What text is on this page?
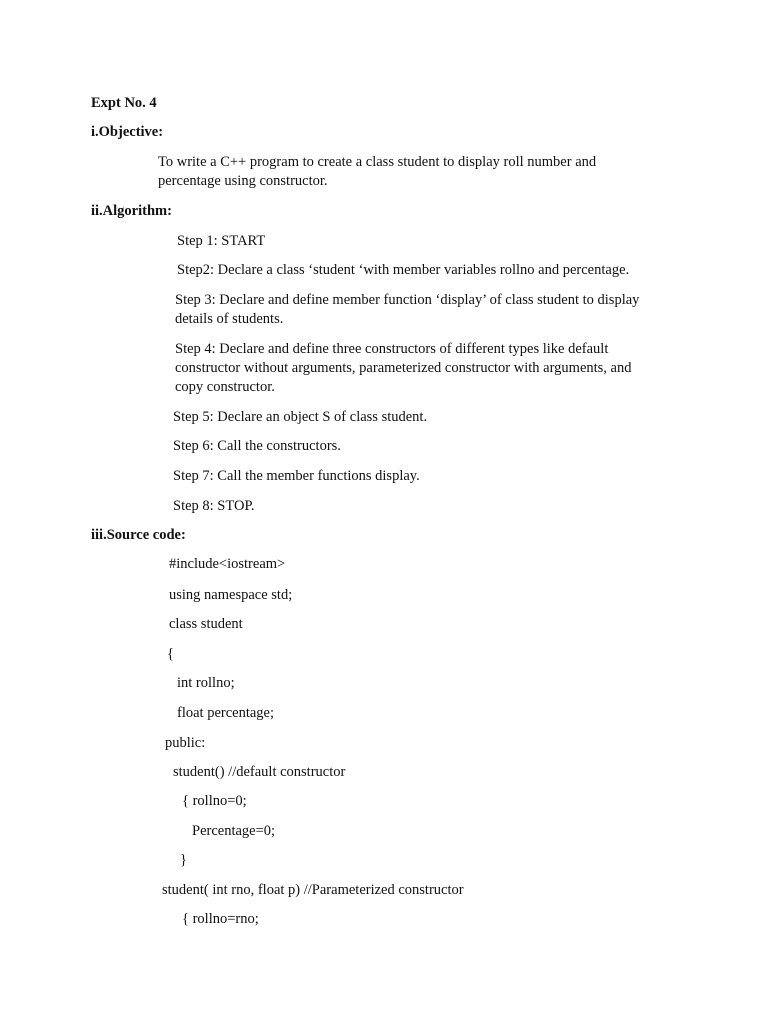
Expt No. 4
i.Objective:
To write a C++ program to create a class student to display roll number and
percentage using constructor.
ii.Algorithm:
Step 1: START
Step2: Declare a class ‘student ‘with member variables rollno and percentage.
Step 3: Declare and define member function ‘display’ of class student to display
details of students.
Step 4: Declare and define three constructors of different types like default
constructor without arguments, parameterized constructor with arguments, and
copy constructor.
Step 5: Declare an object S of class student.
Step 6: Call the constructors.
Step 7: Call the member functions display.
Step 8: STOP.
iii.Source code:
#include<iostream>
using namespace std;
class student
{
int rollno;
float percentage;
public:
student() //default constructor
{ rollno=0;
Percentage=0;
}
student( int rno, float p) //Parameterized constructor
{ rollno=rno;
